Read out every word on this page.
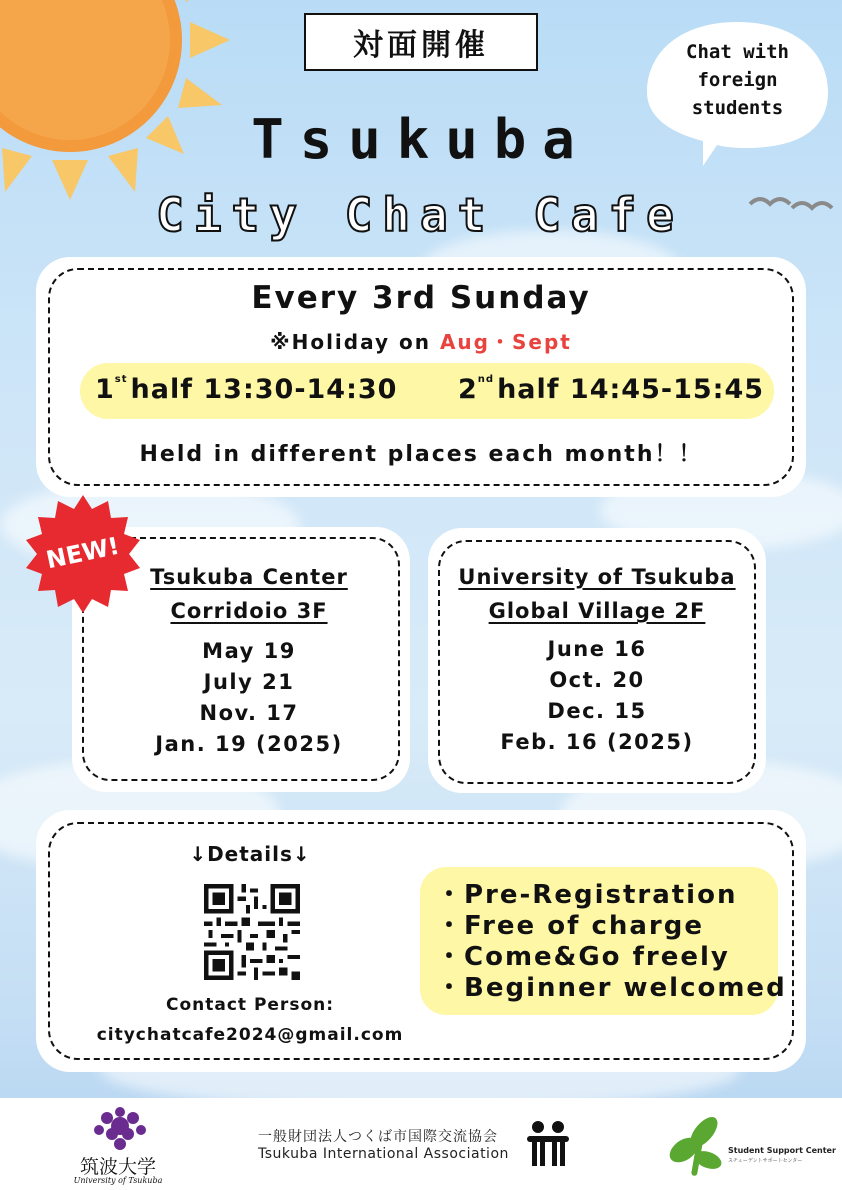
対面開催	Chat with
foreign
students
Tsukuba
City Chat Cafe
Every 3rd Sunday
※Holiday on Aug・Sept
1st half 13:30-14:30 2nd half 14:45-15:45
Held in different places each month！！
Tsukuba Center
Corridoio 3F
May 19
July 21
Nov. 17
Jan. 19 (2025)
University of Tsukuba
Global Village 2F
June 16
Oct. 20
Dec. 15
Feb. 16 (2025)
NEW!
↓Details↓
Contact Person:
citychatcafe2024@gmail.com
・Pre-Registration
・Free of charge
・Come&Go freely
・Beginner welcomed
筑波大学
University of Tsukuba
一般財団法人つくば市国際交流協会
Tsukuba International Association	Student Support Center
スチューデントサポートセンター
